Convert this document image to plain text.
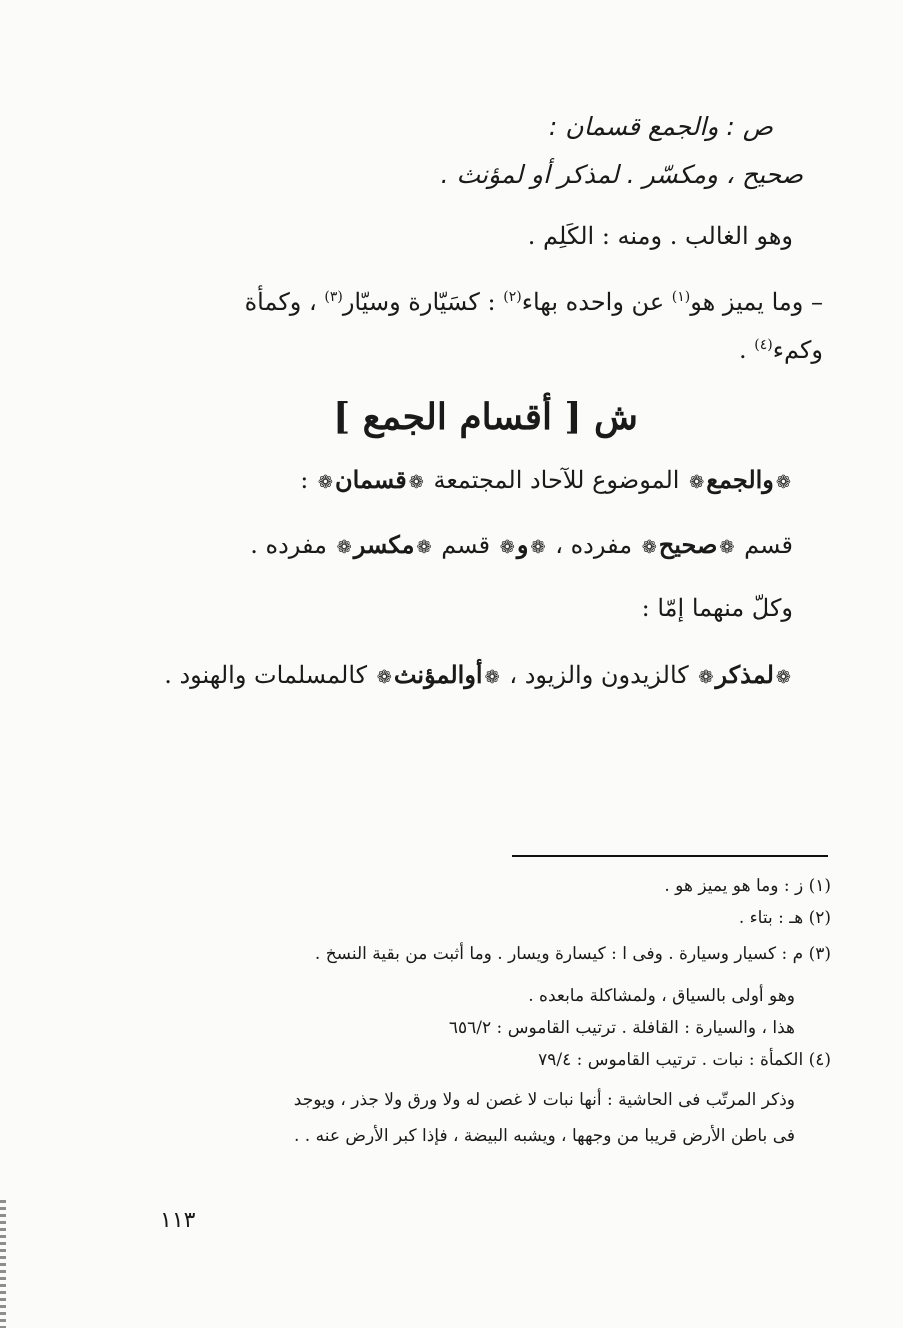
ص : والجمع قسمان :
صحيح ، ومكسّر . لمذكر أو لمؤنث .
وهو الغالب . ومنه : الكَلِم .
– وما يميز هو$^{(١)}$ عن واحده بهاء$^{(٢)}$ : كسَيّارة وسيّار$^{(٣)}$ ، وكمأة
وكمء$^{(٤)}$ .
ش [ أقسام الجمع ]
❁والجمع❁ الموضوع للآحاد المجتمعة ❁قسمان❁ :
قسم ❁صحيح❁ مفرده ، ❁و❁ قسم ❁مكسر❁ مفرده .
وكلّ منهما إمّا :
❁لمذكر❁ كالزيدون والزيود ، ❁أوالمؤنث❁ كالمسلمات والهنود .
(١) ز : وما هو يميز هو .
(٢) هـ : بتاء .
(٣) م : كسيار وسيارة . وفى ا : كيسارة ويسار . وما أثبت من بقية النسخ .
وهو أولى بالسياق ، ولمشاكلة مابعده .
هذا ، والسيارة : القافلة . ترتيب القاموس : ٦٥٦/٢
(٤) الكمأة : نبات . ترتيب القاموس : ٧٩/٤
وذكر المرتّب فى الحاشية : أنها نبات لا غصن له ولا ورق ولا جذر ، ويوجد
فى باطن الأرض قريبا من وجهها ، ويشبه البيضة ، فإذا كبر الأرض عنه . .
١١٣
